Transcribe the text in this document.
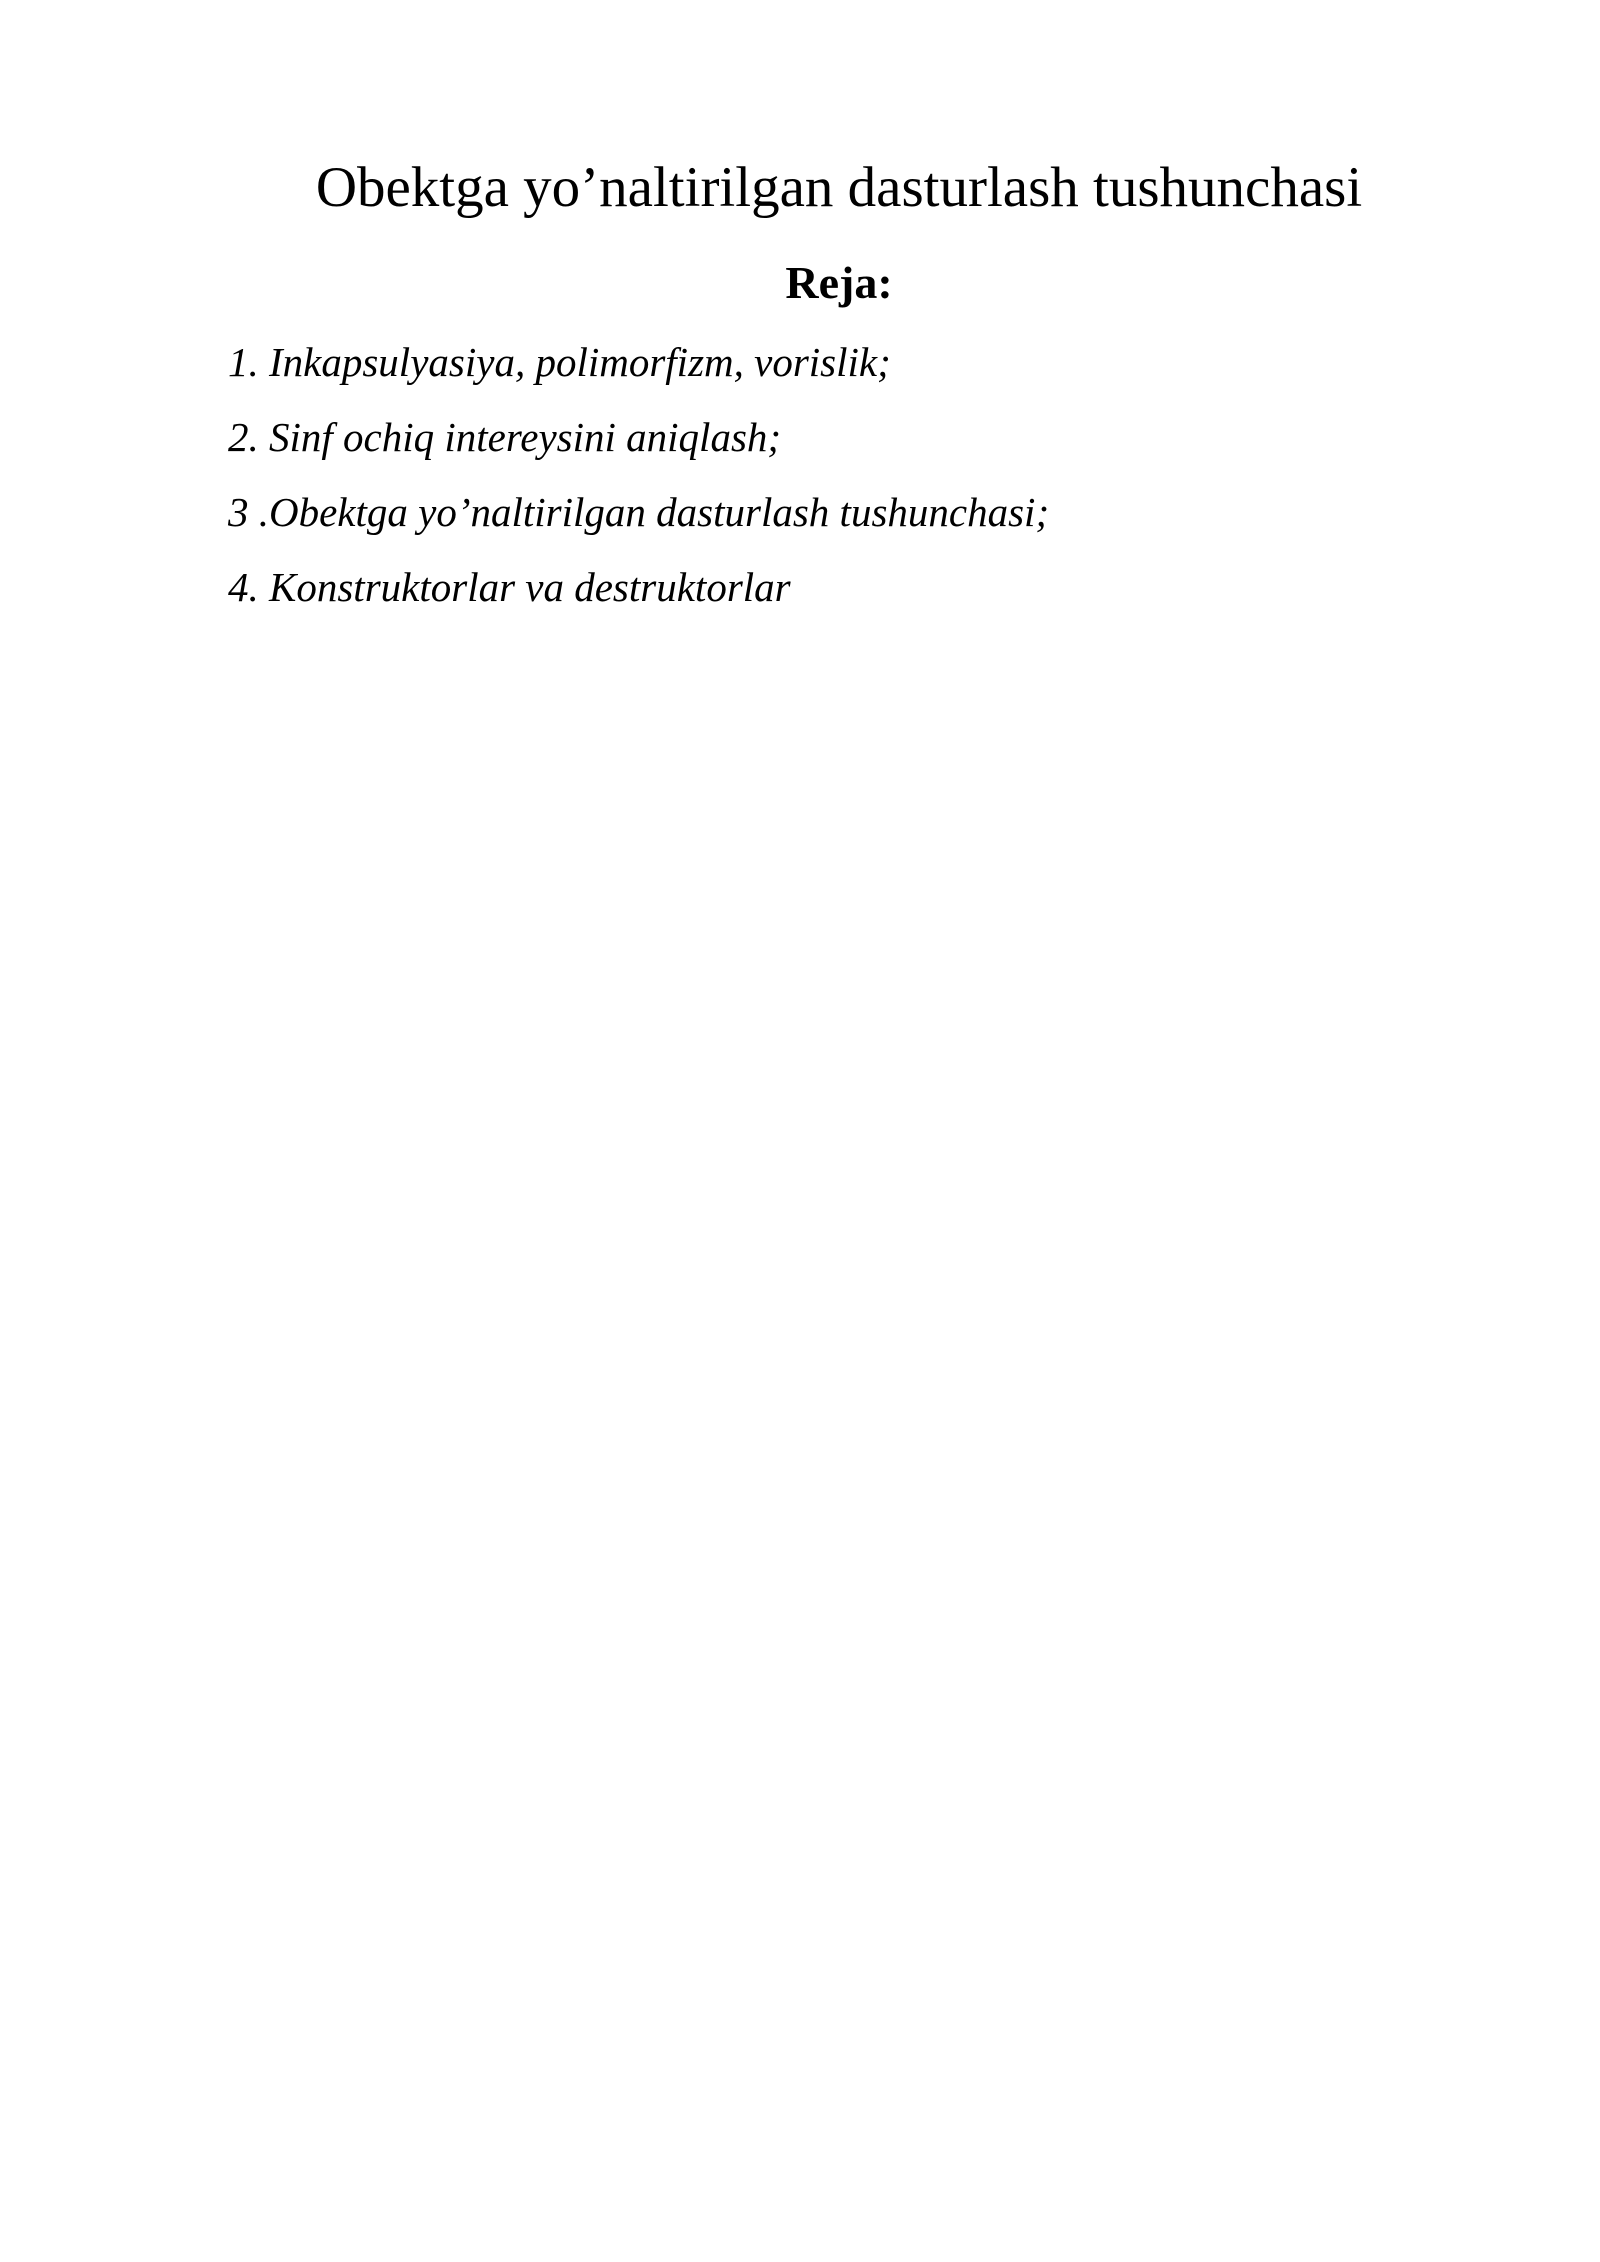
Obektga yo’naltirilgan dasturlash tushunchasi
Reja:
1. Inkapsulyasiya, polimorfizm, vorislik;
2. Sinf ochiq intereysini aniqlash;
3 .Obektga yo’naltirilgan dasturlash tushunchasi;
4. Konstruktorlar va destruktorlar
